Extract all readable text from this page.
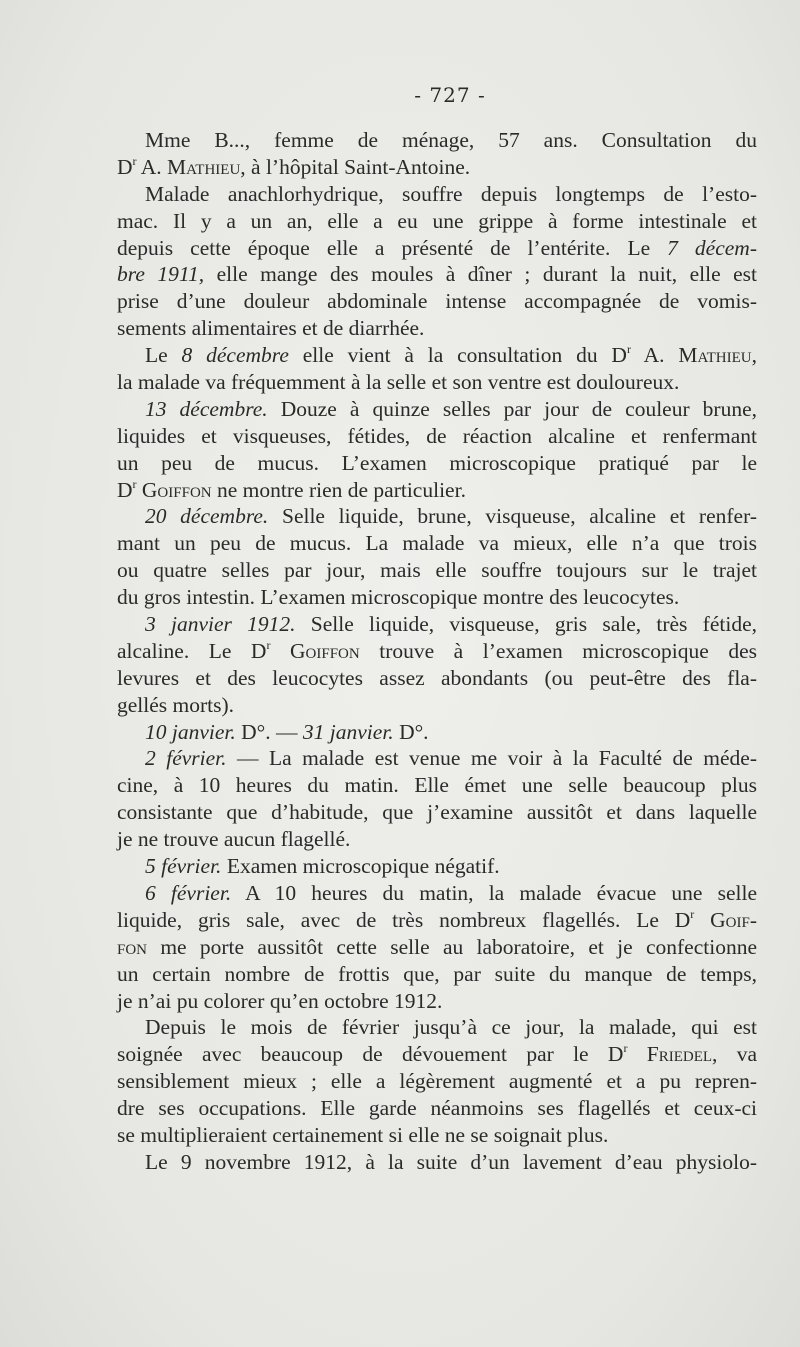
- 727 -
Mme B..., femme de ménage, 57 ans. Consultation du
$D^r$ A. Mathieu, à l’hôpital Saint-Antoine.
Malade anachlorhydrique, souffre depuis longtemps de l’esto-
mac. Il y a un an, elle a eu une grippe à forme intestinale et
depuis cette époque elle a présenté de l’entérite. Le 7 décem-
bre 1911, elle mange des moules à dîner ; durant la nuit, elle est
prise d’une douleur abdominale intense accompagnée de vomis-
sements alimentaires et de diarrhée.
Le 8 décembre elle vient à la consultation du $D^r$ A. Mathieu,
la malade va fréquemment à la selle et son ventre est douloureux.
13 décembre. Douze à quinze selles par jour de couleur brune,
liquides et visqueuses, fétides, de réaction alcaline et renfermant
un peu de mucus. L’examen microscopique pratiqué par le
$D^r$ Goiffon ne montre rien de particulier.
20 décembre. Selle liquide, brune, visqueuse, alcaline et renfer-
mant un peu de mucus. La malade va mieux, elle n’a que trois
ou quatre selles par jour, mais elle souffre toujours sur le trajet
du gros intestin. L’examen microscopique montre des leucocytes.
3 janvier 1912. Selle liquide, visqueuse, gris sale, très fétide,
alcaline. Le $D^r$ Goiffon trouve à l’examen microscopique des
levures et des leucocytes assez abondants (ou peut-être des fla-
gellés morts).
10 janvier. D°. — 31 janvier. D°.
2 février. — La malade est venue me voir à la Faculté de méde-
cine, à 10 heures du matin. Elle émet une selle beaucoup plus
consistante que d’habitude, que j’examine aussitôt et dans laquelle
je ne trouve aucun flagellé.
5 février. Examen microscopique négatif.
6 février. A 10 heures du matin, la malade évacue une selle
liquide, gris sale, avec de très nombreux flagellés. Le $D^r$ Goif-
fon me porte aussitôt cette selle au laboratoire, et je confectionne
un certain nombre de frottis que, par suite du manque de temps,
je n’ai pu colorer qu’en octobre 1912.
Depuis le mois de février jusqu’à ce jour, la malade, qui est
soignée avec beaucoup de dévouement par le $D^r$ Friedel, va
sensiblement mieux ; elle a légèrement augmenté et a pu repren-
dre ses occupations. Elle garde néanmoins ses flagellés et ceux-ci
se multiplieraient certainement si elle ne se soignait plus.
Le 9 novembre 1912, à la suite d’un lavement d’eau physiolo-
